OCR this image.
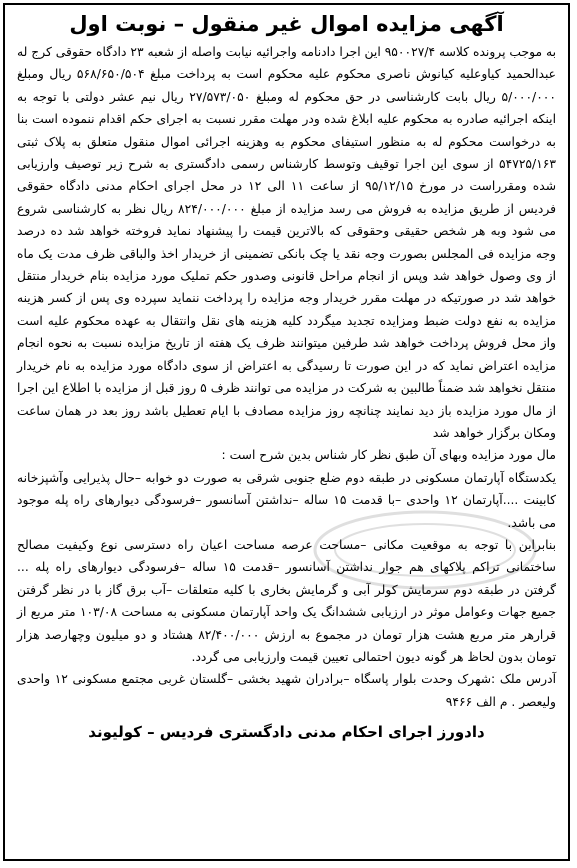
آگهی مزایده اموال غیر منقول – نوبت اول

به موجب پرونده کلاسه ۹۵۰۰۲۷/۴ این اجرا دادنامه واجرائیه نیابت واصله از شعبه ۲۳ دادگاه حقوقی کرج له عبدالحمید کیاوعلیه کیانوش ناصری محکوم علیه محکوم است به پرداخت مبلغ ۵۶۸/۶۵۰/۵۰۴ ریال ومبلغ ۵/۰۰۰/۰۰۰ ریال بابت کارشناسی در حق محکوم له ومبلغ ۲۷/۵۷۳/۰۵۰ ریال نیم عشر دولتی با توجه به اینکه اجرائیه صادره به محکوم علیه ابلاغ شده ودر مهلت مقرر نسبت به اجرای حکم اقدام ننموده است بنا به درخواست محکوم له به منظور استیفای محکوم به وهزینه اجرائی اموال منقول متعلق به پلاک ثبتی ۵۴۷۲۵/۱۶۳ از سوی این اجرا توقیف وتوسط کارشناس رسمی دادگستری به شرح زیر توصیف وارزیابی شده ومقرراست در مورخ ۹۵/۱۲/۱۵ از ساعت ۱۱ الی ۱۲ در محل اجرای احکام مدنی دادگاه حقوقی فردیس از طریق مزایده به فروش می رسد مزایده از مبلغ ۸۲۴/۰۰۰/۰۰۰ ریال نظر به کارشناسی شروع می شود وبه هر شخص حقیقی وحقوقی که بالاترین قیمت را پیشنهاد نماید فروخته خواهد شد ده درصد وجه مزایده فی المجلس بصورت وجه نقد یا چک بانکی تضمینی از خریدار اخذ والباقی ظرف مدت یک ماه از وی وصول خواهد شد وپس از انجام مراحل قانونی وصدور حکم تملیک مورد مزایده بنام خریدار منتقل خواهد شد در صورتیکه در مهلت مقرر خریدار وجه مزایده را پرداخت ننماید سپرده وی پس از کسر هزینه مزایده به نفع دولت ضبط ومزایده تجدید میگردد کلیه هزینه های نقل وانتقال به عهده محکوم علیه است واز محل فروش پرداخت خواهد شد طرفین میتوانند ظرف یک هفته از تاریخ مزایده نسبت به نحوه انجام مزایده اعتراض نماید که در این صورت تا رسیدگی به اعتراض از سوی دادگاه مورد مزایده به نام خریدار منتقل نخواهد شد ضمناً طالبین به شرکت در مزایده می توانند ظرف ۵ روز قبل از مزایده با اطلاع این اجرا از مال مورد مزایده باز دید نمایند چنانچه روز مزایده مصادف با ایام تعطیل باشد روز بعد در همان ساعت ومکان برگزار خواهد شد

مال مورد مزایده وبهای آن طبق نظر کار شناس بدین شرح است :

یکدستگاه آپارتمان مسکونی در طبقه دوم ضلع جنوبی شرقی به صورت دو خوابه –حال پذیرایی وآشپزخانه کابینت ....آپارتمان ۱۲ واحدی –با قدمت ۱۵ ساله –نداشتن آسانسور –فرسودگی دیوارهای راه پله موجود می باشد.

بنابراین با توجه به موقعیت مکانی –مساحت عرصه مساحت اعیان راه دسترسی نوع وکیفیت مصالح ساختمانی تراکم پلاکهای هم جوار نداشتن آسانسور –قدمت ۱۵ ساله –فرسودگی دیوارهای راه پله ... گرفتن در طبقه دوم سرمایش کولر آبی و گرمایش بخاری با کلیه متعلقات –آب برق گاز با در نظر گرفتن جمیع جهات وعوامل موثر در ارزیابی ششدانگ یک واحد آپارتمان مسکونی به مساحت ۱۰۳/۰۸ متر مربع از قرارهر متر مربع هشت هزار تومان در مجموع به ارزش ۸۲/۴۰۰/۰۰۰ هشتاد و دو میلیون وچهارصد هزار تومان بدون لحاظ هر گونه دیون احتمالی تعیین قیمت وارزیابی می گردد.

آدرس ملک :شهرک وحدت بلوار پاسگاه –برادران شهید بخشی –گلستان غربی مجتمع مسکونی ۱۲ واحدی ولیعصر . م الف ۹۴۶۶

دادورز اجرای احکام مدنی دادگستری فردیس – کولیوند
